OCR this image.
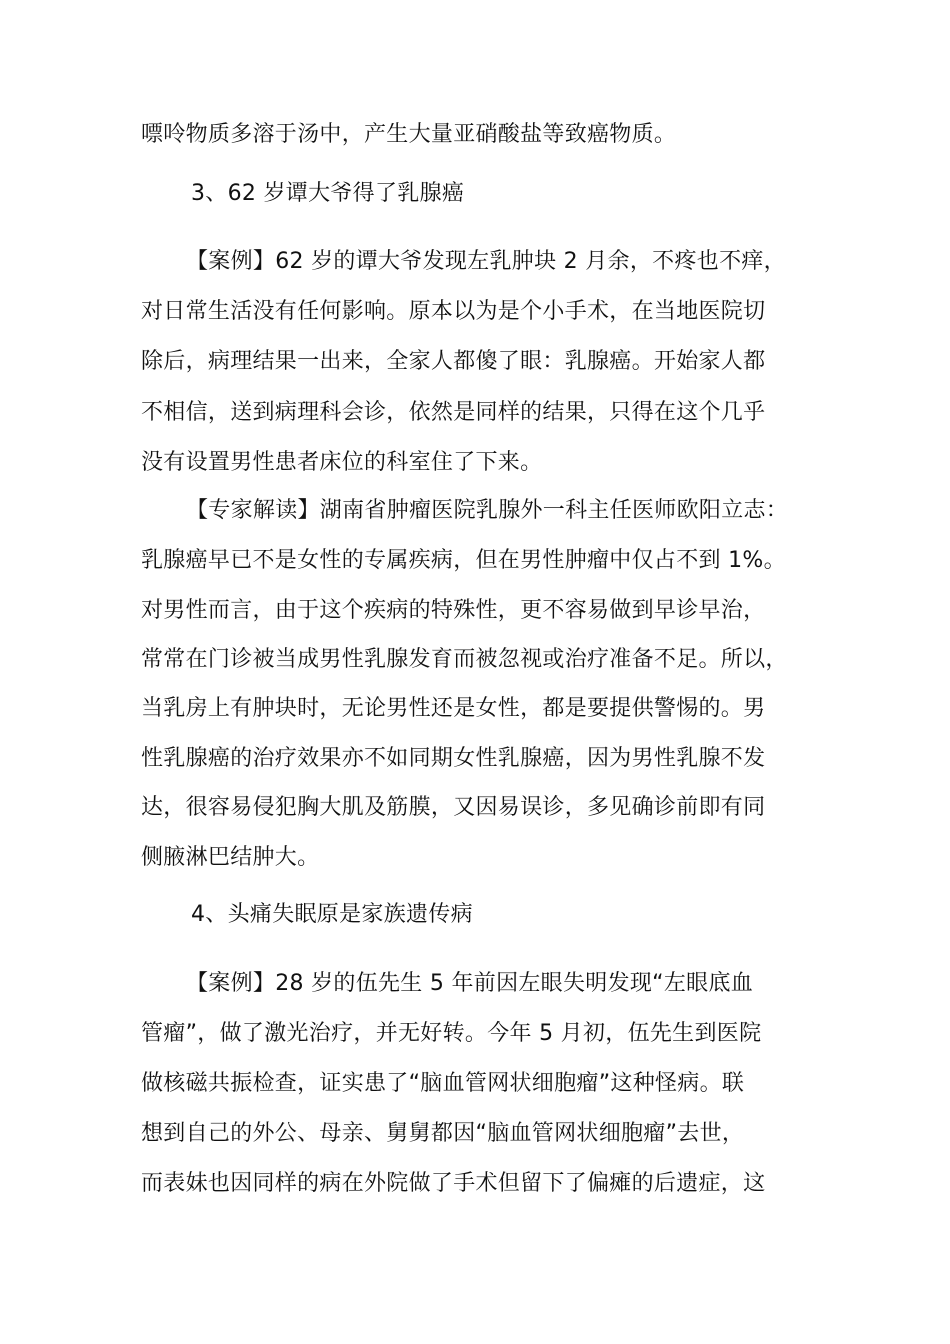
嘌呤物质多溶于汤中，产生大量亚硝酸盐等致癌物质。
3、62 岁谭大爷得了乳腺癌
【案例】62 岁的谭大爷发现左乳肿块 2 月余，不疼也不痒，
对日常生活没有任何影响。原本以为是个小手术，在当地医院切
除后，病理结果一出来，全家人都傻了眼：乳腺癌。开始家人都
不相信，送到病理科会诊，依然是同样的结果，只得在这个几乎
没有设置男性患者床位的科室住了下来。
【专家解读】湖南省肿瘤医院乳腺外一科主任医师欧阳立志：
乳腺癌早已不是女性的专属疾病，但在男性肿瘤中仅占不到 1%。
对男性而言，由于这个疾病的特殊性，更不容易做到早诊早治，
常常在门诊被当成男性乳腺发育而被忽视或治疗准备不足。所以，
当乳房上有肿块时，无论男性还是女性，都是要提供警惕的。男
性乳腺癌的治疗效果亦不如同期女性乳腺癌，因为男性乳腺不发
达，很容易侵犯胸大肌及筋膜，又因易误诊，多见确诊前即有同
侧腋淋巴结肿大。
4、头痛失眠原是家族遗传病
【案例】28 岁的伍先生 5 年前因左眼失明发现“左眼底血
管瘤”，做了激光治疗，并无好转。今年 5 月初，伍先生到医院
做核磁共振检查，证实患了“脑血管网状细胞瘤”这种怪病。联
想到自己的外公、母亲、舅舅都因“脑血管网状细胞瘤”去世，
而表妹也因同样的病在外院做了手术但留下了偏瘫的后遗症，这
